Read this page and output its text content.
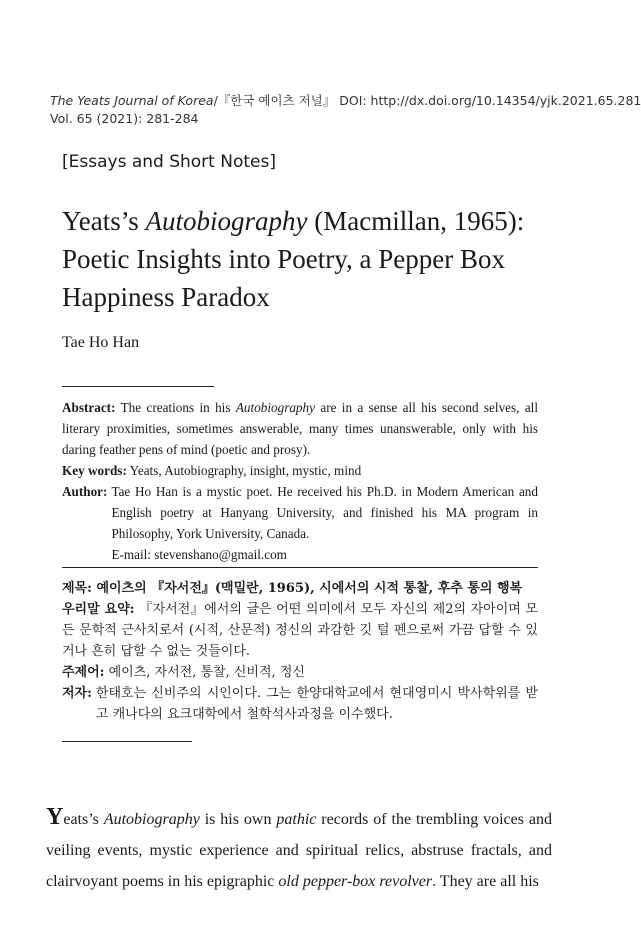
The Yeats Journal of Korea/『한국 예이츠 저널』 DOI: http://dx.doi.org/10.14354/yjk.2021.65.281
Vol. 65 (2021): 281-284
[Essays and Short Notes]
Yeats’s Autobiography (Macmillan, 1965):
Poetic Insights into Poetry, a Pepper Box
Happiness Paradox
Tae Ho Han
Abstract: The creations in his Autobiography are in a sense all his second selves, all literary proximities, sometimes answerable, many times unanswerable, only with his daring feather pens of mind (poetic and prosy).
Key words: Yeats, Autobiography, insight, mystic, mind
Author: Tae Ho Han is a mystic poet. He received his Ph.D. in Modern American and English poetry at Hanyang University, and finished his MA program in Philosophy, York University, Canada.
E-mail: stevenshano@gmail.com
제목: 예이츠의 『자서전』(맥밀란, 1965), 시에서의 시적 통찰, 후추 통의 행복
우리말 요약: 『자서전』에서의 글은 어떤 의미에서 모두 자신의 제2의 자아이며 모든 문학적 근사치로서 (시적, 산문적) 정신의 과감한 깃 털 펜으로써 가끔 답할 수 있거나 흔히 답할 수 없는 것들이다.
주제어: 예이츠, 자서전, 통찰, 신비적, 정신
저자: 한태호는 신비주의 시인이다. 그는 한양대학교에서 현대영미시 박사학위를 받고 캐나다의 요크대학에서 철학석사과정을 이수했다.
Yeats’s Autobiography is his own pathic records of the trembling voices and veiling events, mystic experience and spiritual relics, abstruse fractals, and clairvoyant poems in his epigraphic old pepper-box revolver. They are all his
